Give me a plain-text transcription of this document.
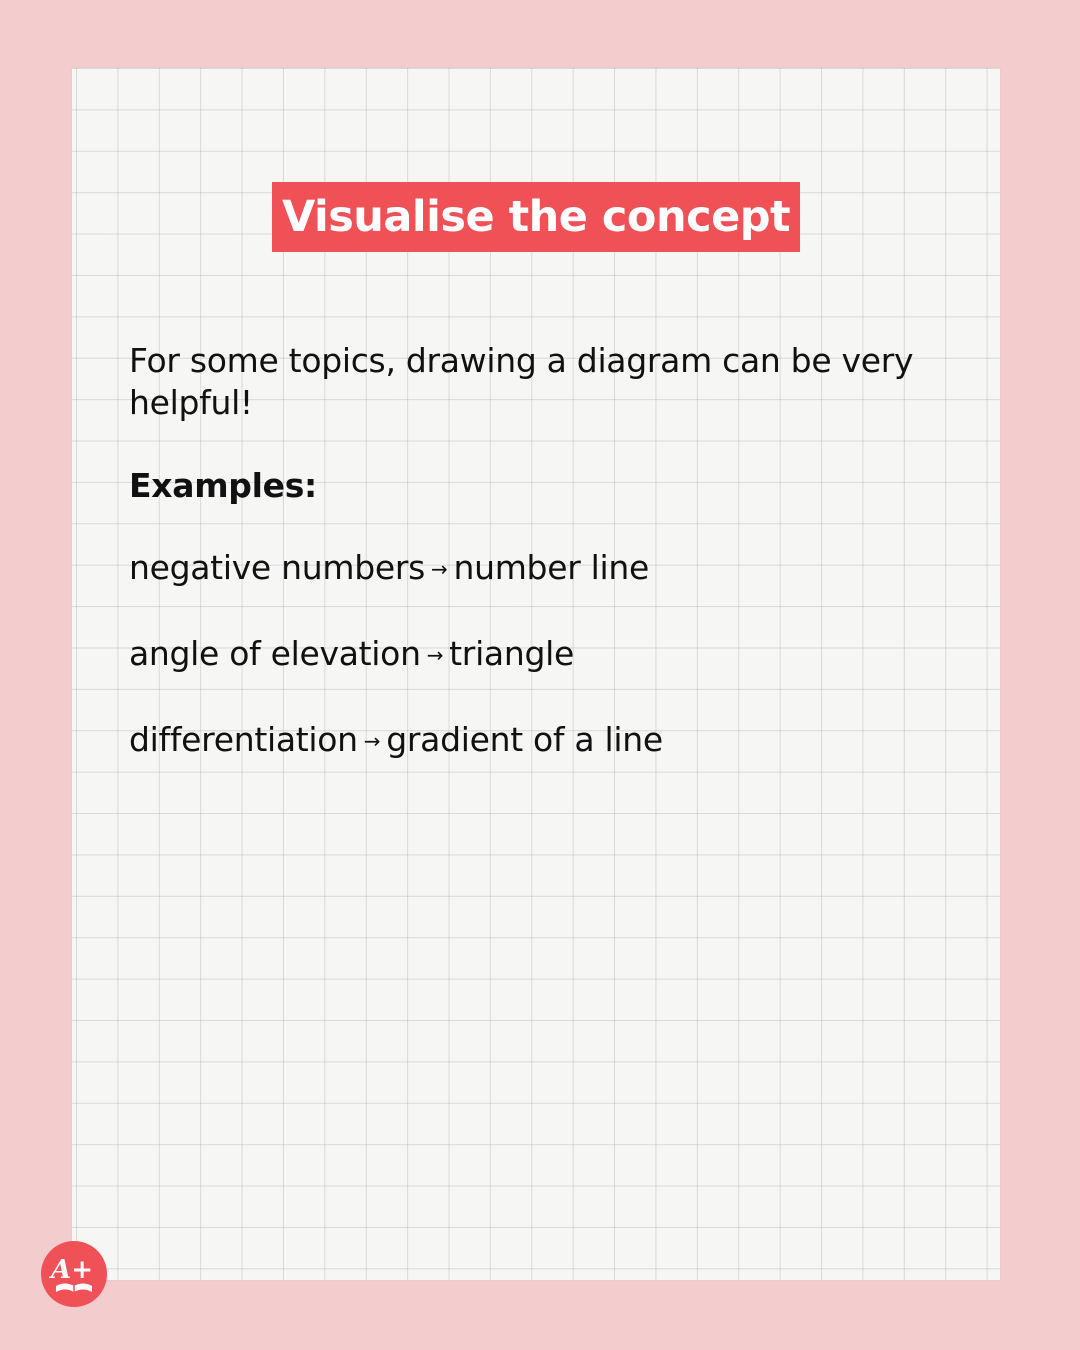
Visualise the concept

For some topics, drawing a diagram can be very helpful!

Examples:

negative numbers → number line

angle of elevation → triangle

differentiation → gradient of a line

A+
